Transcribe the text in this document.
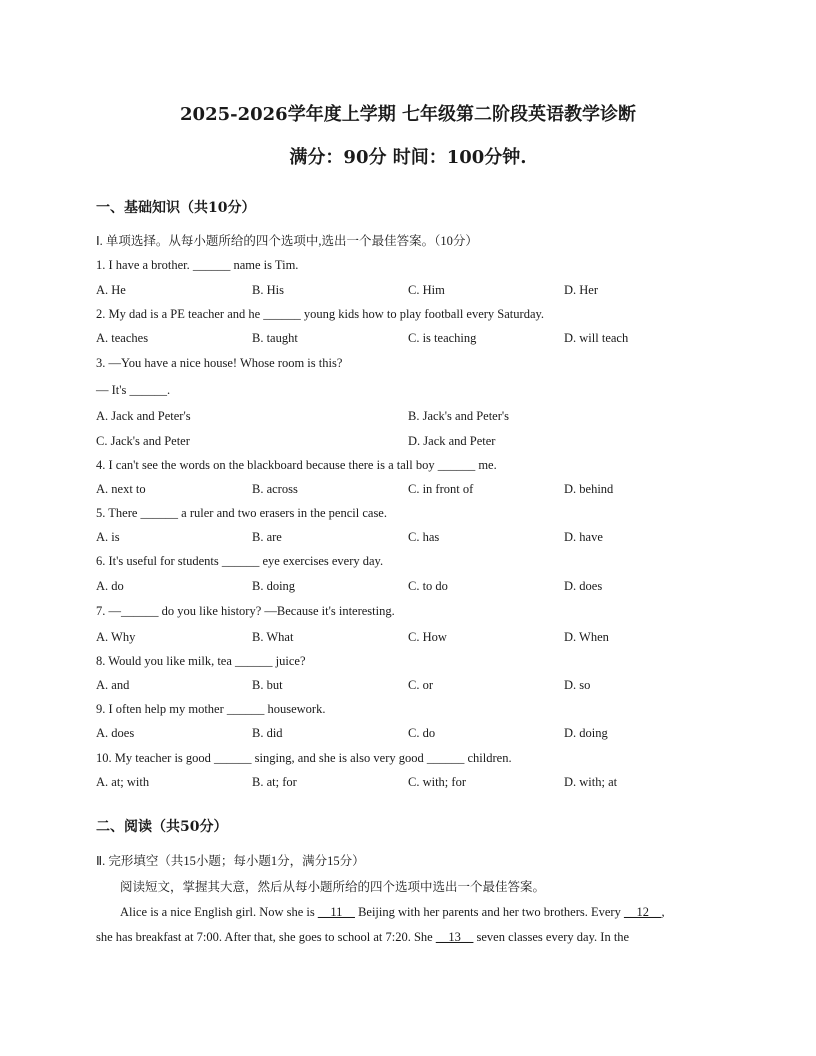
2025-2026学年度上学期 七年级第二阶段英语教学诊断
满分：90分 时间：100分钟.
一、基础知识（共10分）
Ⅰ. 单项选择。从每小题所给的四个选项中,选出一个最佳答案。（10分）
1. I have a brother. ______ name is Tim.
A. He	B. His	C. Him	D. Her
2. My dad is a PE teacher and he ______ young kids how to play football every Saturday.
A. teaches	B. taught	C. is teaching	D. will teach
3. —You have a nice house! Whose room is this?
— It's ______.
A. Jack and Peter's	B. Jack's and Peter's
C. Jack's and Peter	D. Jack and Peter
4. I can't see the words on the blackboard because there is a tall boy ______ me.
A. next to	B. across	C. in front of	D. behind
5. There ______ a ruler and two erasers in the pencil case.
A. is	B. are	C. has	D. have
6. It's useful for students ______ eye exercises every day.
A. do	B. doing	C. to do	D. does
7. —______ do you like history? —Because it's interesting.
A. Why	B. What	C. How	D. When
8. Would you like milk, tea ______ juice?
A. and	B. but	C. or	D. so
9. I often help my mother ______ housework.
A. does	B. did	C. do	D. doing
10. My teacher is good ______ singing, and she is also very good ______ children.
A. at; with	B. at; for	C. with; for	D. with; at
二、阅读（共50分）
Ⅱ. 完形填空（共15小题；每小题1分，满分15分）
阅读短文，掌握其大意，然后从每小题所给的四个选项中选出一个最佳答案。
Alice is a nice English girl. Now she is __11__ Beijing with her parents and her two brothers. Every __12__,
she has breakfast at 7:00. After that, she goes to school at 7:20. She __13__ seven classes every day. In the
